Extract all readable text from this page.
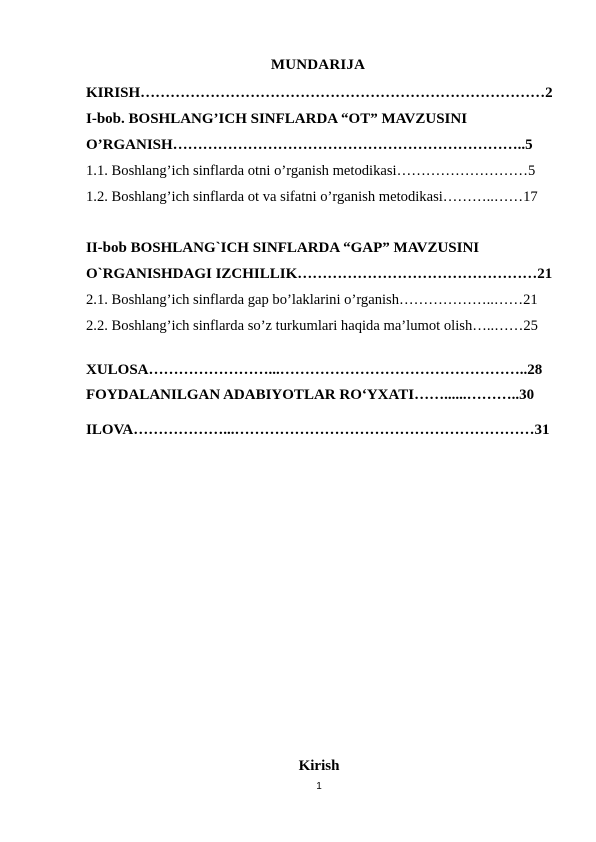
MUNDARIJA
KIRISH………………………………………………………………………2
I-bob. BOSHLANG’ICH SINFLARDA “OT” MAVZUSINI
O’RGANISH……………………………………………………………..5
1.1. Boshlang’ich sinflarda otni o’rganish metodikasi………………………5
1.2. Boshlang’ich sinflarda ot va sifatni o’rganish metodikasi………..……17
II-bob BOSHLANG`ICH SINFLARDA “GAP” MAVZUSINI
O`RGANISHDAGI IZCHILLIK…………………………………………21
2.1. Boshlang’ich sinflarda gap bo’laklarini o’rganish………………..……21
2.2. Boshlang’ich sinflarda so’z turkumlari haqida ma’lumot olish…..……25
XULOSA……………………...…………………………………………..28
FOYDALANILGAN ADABIYOTLAR RO‘YXATI……......………..30
ILOVA………………...……………………………………………………31
Kirish
1
